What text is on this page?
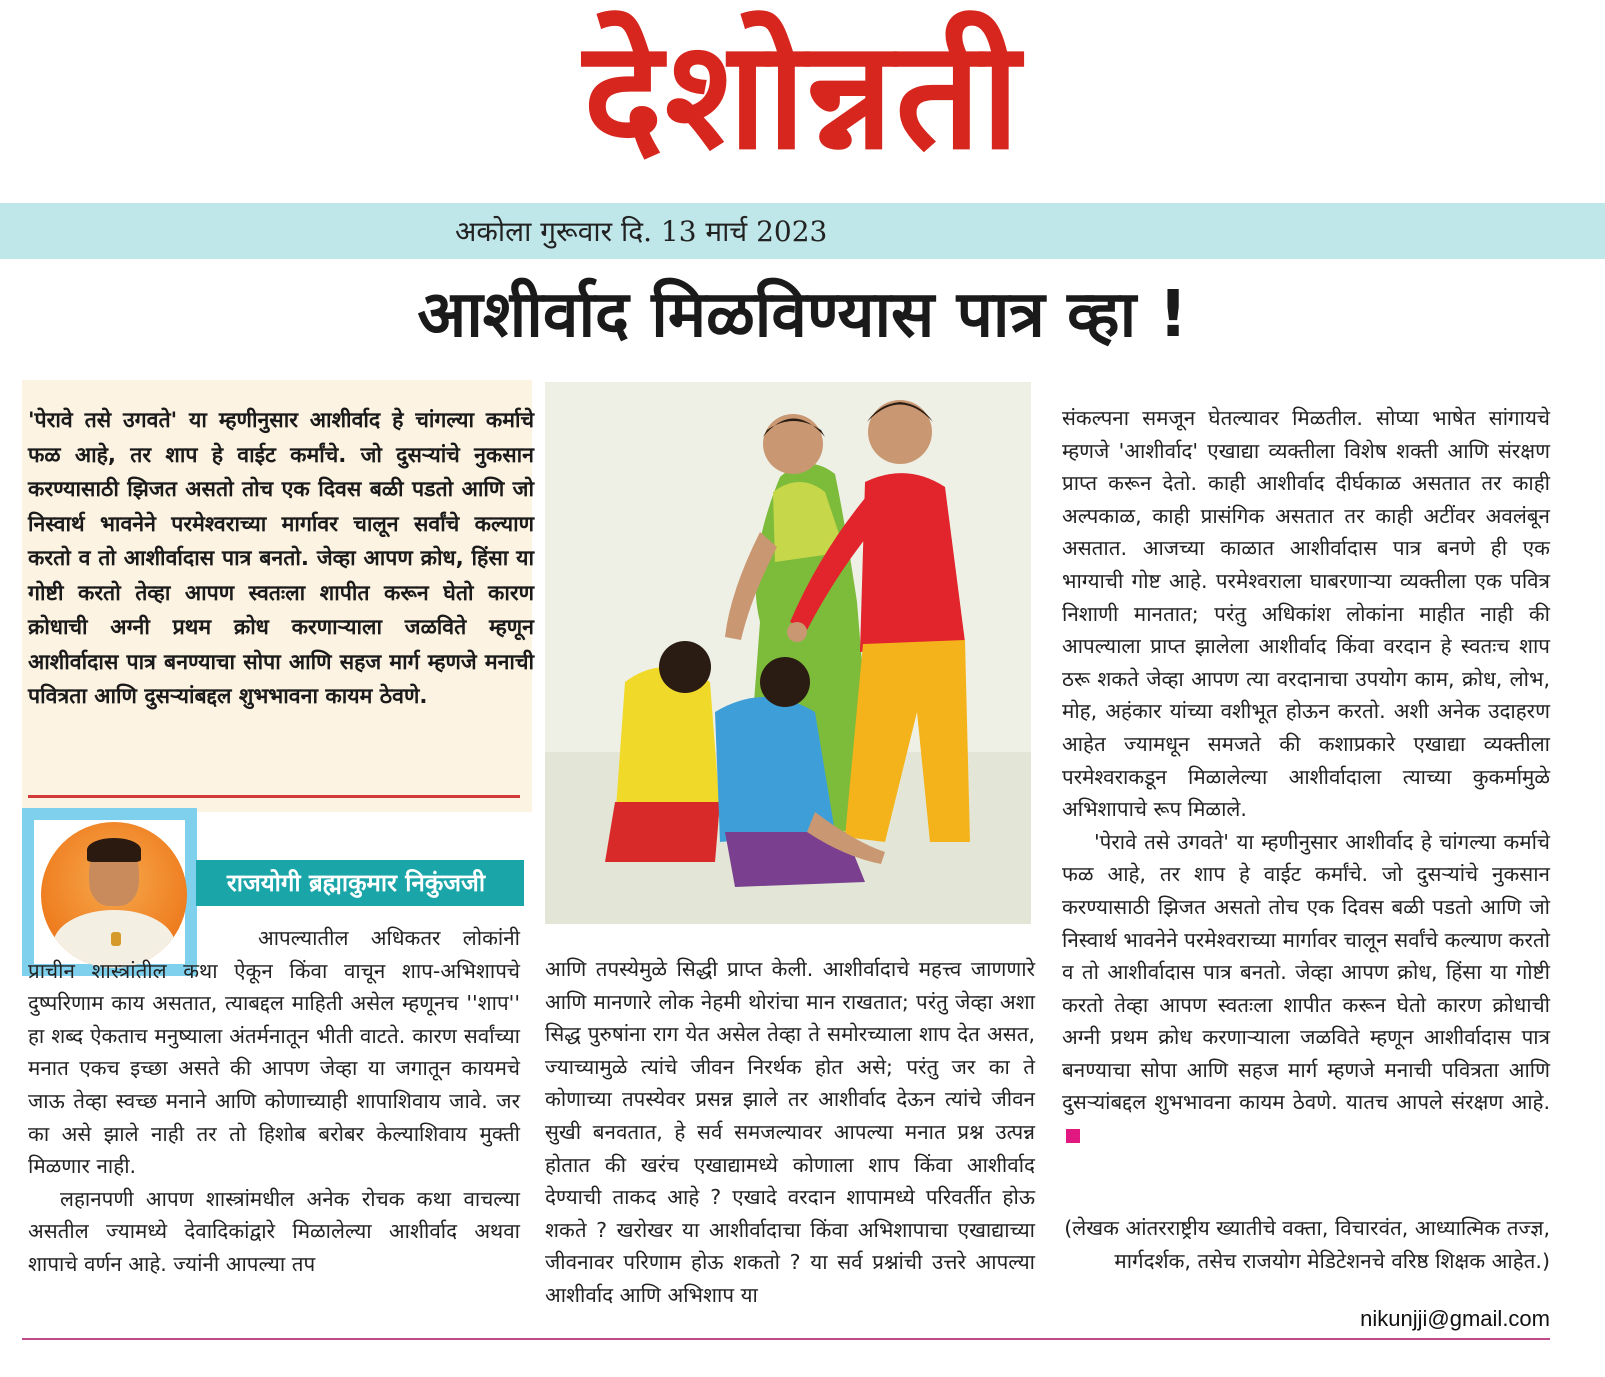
देशोन्नती
अकोला गुरूवार दि. 13 मार्च 2023
आशीर्वाद मिळविण्यास पात्र व्हा !
'पेरावे तसे उगवते' या म्हणीनुसार आशीर्वाद हे चांगल्या कर्माचे फळ आहे, तर शाप हे वाईट कर्मांचे. जो दुसऱ्यांचे नुकसान करण्यासाठी झिजत असतो तोच एक दिवस बळी पडतो आणि जो निस्वार्थ भावनेने परमेश्वराच्या मार्गावर चालून सर्वांचे कल्याण करतो व तो आशीर्वादास पात्र बनतो. जेव्हा आपण क्रोध, हिंसा या गोष्टी करतो तेव्हा आपण स्वतःला शापीत करून घेतो कारण क्रोधाची अग्नी प्रथम क्रोध करणाऱ्याला जळविते म्हणून आशीर्वादास पात्र बनण्याचा सोपा आणि सहज मार्ग म्हणजे मनाची पवित्रता आणि दुसऱ्यांबद्दल शुभभावना कायम ठेवणे.
राजयोगी ब्रह्माकुमार निकुंजजी

आपल्यातील अधिकतर लोकांनी प्राचीन शास्त्रांतील कथा ऐकून किंवा वाचून शाप-अभिशापचे दुष्परिणाम काय असतात, त्याबद्दल माहिती असेल म्हणूनच ''शाप'' हा शब्द ऐकताच मनुष्याला अंतर्मनातून भीती वाटते. कारण सर्वांच्या मनात एकच इच्छा असते की आपण जेव्हा या जगातून कायमचे जाऊ तेव्हा स्वच्छ मनाने आणि कोणाच्याही शापाशिवाय जावे. जर का असे झाले नाही तर तो हिशोब बरोबर केल्याशिवाय मुक्ती मिळणार नाही.

लहानपणी आपण शास्त्रांमधील अनेक रोचक कथा वाचल्या असतील ज्यामध्ये देवादिकांद्वारे मिळालेल्या आशीर्वाद अथवा शापाचे वर्णन आहे. ज्यांनी आपल्या तप

आणि तपस्येमुळे सिद्धी प्राप्त केली. आशीर्वादाचे महत्त्व जाणणारे आणि मानणारे लोक नेहमी थोरांचा मान राखतात; परंतु जेव्हा अशा सिद्ध पुरुषांना राग येत असेल तेव्हा ते समोरच्याला शाप देत असत, ज्याच्यामुळे त्यांचे जीवन निरर्थक होत असे; परंतु जर का ते कोणाच्या तपस्येवर प्रसन्न झाले तर आशीर्वाद देऊन त्यांचे जीवन सुखी बनवतात, हे सर्व समजल्यावर आपल्या मनात प्रश्न उत्पन्न होतात की खरंच एखाद्यामध्ये कोणाला शाप किंवा आशीर्वाद देण्याची ताकद आहे ? एखादे वरदान शापामध्ये परिवर्तीत होऊ शकते ? खरोखर या आशीर्वादाचा किंवा अभिशापाचा एखाद्याच्या जीवनावर परिणाम होऊ शकतो ? या सर्व प्रश्नांची उत्तरे आपल्या आशीर्वाद आणि अभिशाप या

संकल्पना समजून घेतल्यावर मिळतील. सोप्या भाषेत सांगायचे म्हणजे 'आशीर्वाद' एखाद्या व्यक्तीला विशेष शक्ती आणि संरक्षण प्राप्त करून देतो. काही आशीर्वाद दीर्घकाळ असतात तर काही अल्पकाळ, काही प्रासंगिक असतात तर काही अटींवर अवलंबून असतात. आजच्या काळात आशीर्वादास पात्र बनणे ही एक भाग्याची गोष्ट आहे. परमेश्वराला घाबरणाऱ्या व्यक्तीला एक पवित्र निशाणी मानतात; परंतु अधिकांश लोकांना माहीत नाही की आपल्याला प्राप्त झालेला आशीर्वाद किंवा वरदान हे स्वतःच शाप ठरू शकते जेव्हा आपण त्या वरदानाचा उपयोग काम, क्रोध, लोभ, मोह, अहंकार यांच्या वशीभूत होऊन करतो. अशी अनेक उदाहरण आहेत ज्यामधून समजते की कशाप्रकारे एखाद्या व्यक्तीला परमेश्वराकडून मिळालेल्या आशीर्वादाला त्याच्या कुकर्मामुळे अभिशापाचे रूप मिळाले.

'पेरावे तसे उगवते' या म्हणीनुसार आशीर्वाद हे चांगल्या कर्माचे फळ आहे, तर शाप हे वाईट कर्मांचे. जो दुसऱ्यांचे नुकसान करण्यासाठी झिजत असतो तोच एक दिवस बळी पडतो आणि जो निस्वार्थ भावनेने परमेश्वराच्या मार्गावर चालून सर्वांचे कल्याण करतो व तो आशीर्वादास पात्र बनतो. जेव्हा आपण क्रोध, हिंसा या गोष्टी करतो तेव्हा आपण स्वतःला शापीत करून घेतो कारण क्रोधाची अग्नी प्रथम क्रोध करणाऱ्याला जळविते म्हणून आशीर्वादास पात्र बनण्याचा सोपा आणि सहज मार्ग म्हणजे मनाची पवित्रता आणि दुसऱ्यांबद्दल शुभभावना कायम ठेवणे. यातच आपले संरक्षण आहे.

(लेखक आंतरराष्ट्रीय ख्यातीचे वक्ता, विचारवंत, आध्यात्मिक तज्ज्ञ, मार्गदर्शक, तसेच राजयोग मेडिटेशनचे वरिष्ठ शिक्षक आहेत.)
nikunjji@gmail.com
